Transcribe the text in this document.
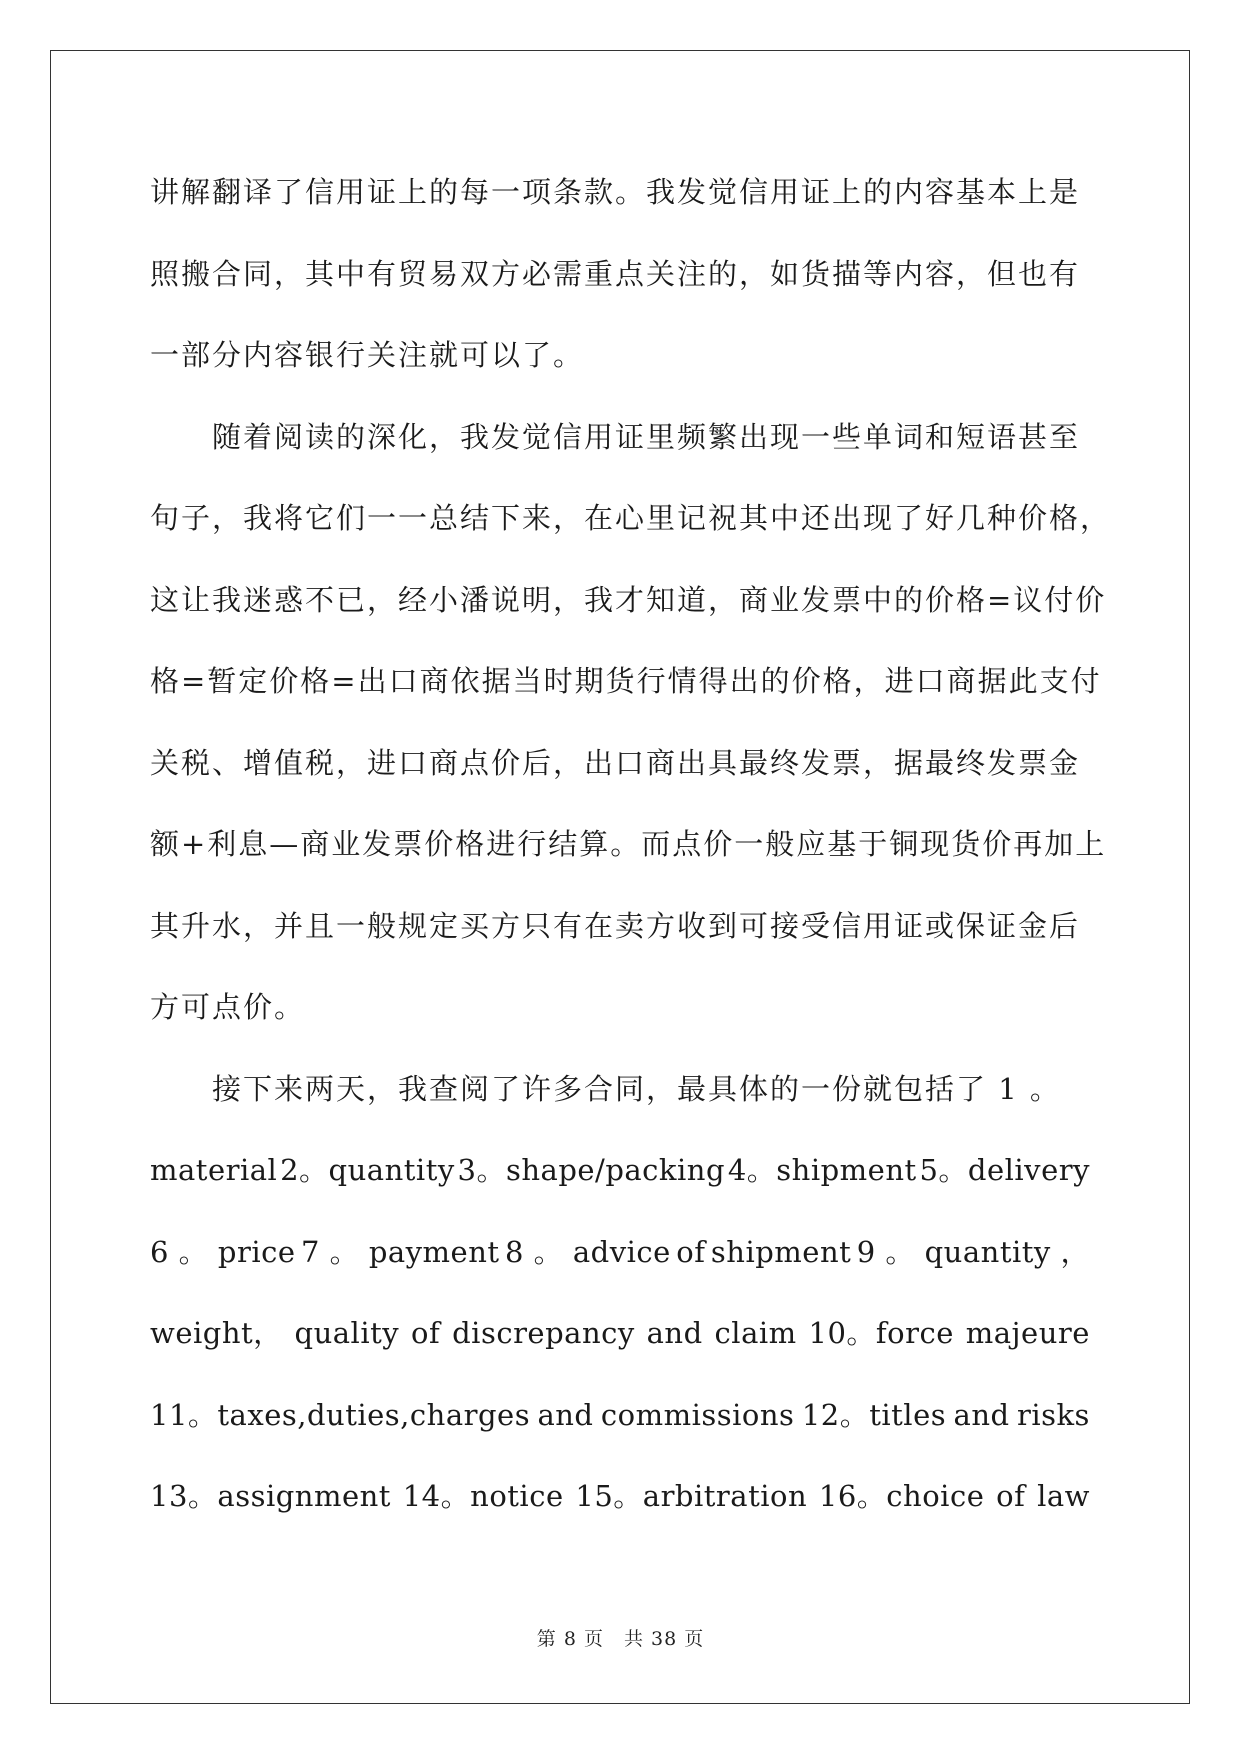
讲解翻译了信用证上的每一项条款。我发觉信用证上的内容基本上是
照搬合同，其中有贸易双方必需重点关注的，如货描等内容，但也有
一部分内容银行关注就可以了。

随着阅读的深化，我发觉信用证里频繁出现一些单词和短语甚至
句子，我将它们一一总结下来，在心里记祝其中还出现了好几种价格，
这让我迷惑不已，经小潘说明，我才知道，商业发票中的价格=议付价
格=暂定价格=出口商依据当时期货行情得出的价格，进口商据此支付
关税、增值税，进口商点价后，出口商出具最终发票，据最终发票金
额+利息—商业发票价格进行结算。而点价一般应基于铜现货价再加上
其升水，并且一般规定买方只有在卖方收到可接受信用证或保证金后
方可点价。

接下来两天，我查阅了许多合同，最具体的一份就包括了 1 。

material 2。quantity 3。shape/packing 4。shipment 5。delivery
6 。 price 7 。 payment 8 。 advice of shipment 9 。 quantity ，
weight， quality of discrepancy and claim 10。force majeure
11。taxes,duties,charges and commissions 12。titles and risks
13。assignment 14。notice 15。arbitration 16。choice of law
第 8 页　共 38 页
